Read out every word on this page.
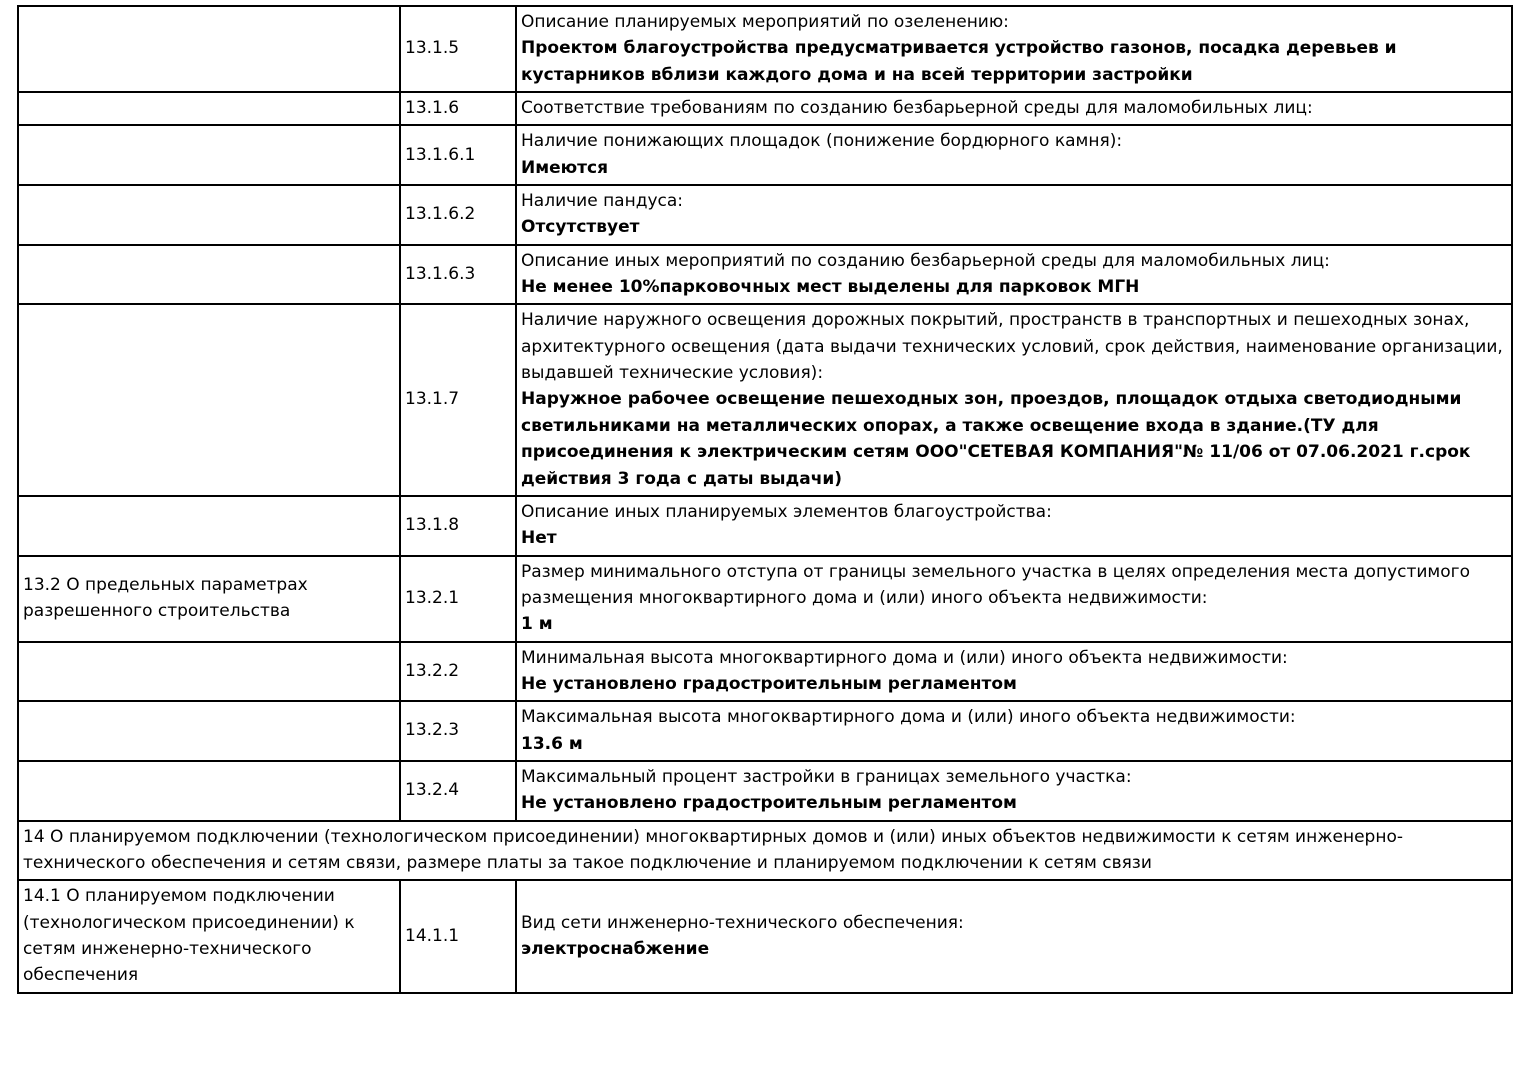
	13.1.5	Описание планируемых мероприятий по озеленению:
Проектом благоустройства предусматривается устройство газонов, посадка деревьев и кустарников вблизи каждого дома и на всей территории застройки

	13.1.6	Соответствие требованиям по созданию безбарьерной среды для маломобильных лиц:

	13.1.6.1	Наличие понижающих площадок (понижение бордюрного камня):
Имеются

	13.1.6.2	Наличие пандуса:
Отсутствует

	13.1.6.3	Описание иных мероприятий по созданию безбарьерной среды для маломобильных лиц:
Не менее 10%парковочных мест выделены для парковок МГН

	13.1.7	Наличие наружного освещения дорожных покрытий, пространств в транспортных и пешеходных зонах, архитектурного освещения (дата выдачи технических условий, срок действия, наименование организации, выдавшей технические условия):
Наружное рабочее освещение пешеходных зон, проездов, площадок отдыха светодиодными светильниками на металлических опорах, а также освещение входа в здание.(ТУ для присоединения к электрическим сетям ООО"СЕТЕВАЯ КОМПАНИЯ"№ 11/06 от 07.06.2021 г.срок действия 3 года с даты выдачи)

	13.1.8	Описание иных планируемых элементов благоустройства:
Нет

13.2 О предельных параметрах разрешенного строительства	13.2.1	Размер минимального отступа от границы земельного участка в целях определения места допустимого размещения многоквартирного дома и (или) иного объекта недвижимости:
1 м

	13.2.2	Минимальная высота многоквартирного дома и (или) иного объекта недвижимости:
Не установлено градостроительным регламентом

	13.2.3	Максимальная высота многоквартирного дома и (или) иного объекта недвижимости:
13.6 м

	13.2.4	Максимальный процент застройки в границах земельного участка:
Не установлено градостроительным регламентом

14 О планируемом подключении (технологическом присоединении) многоквартирных домов и (или) иных объектов недвижимости к сетям инженерно-технического обеспечения и сетям связи, размере платы за такое подключение и планируемом подключении к сетям связи		
14.1 О планируемом подключении (технологическом присоединении) к сетям инженерно-технического обеспечения	14.1.1	Вид сети инженерно-технического обеспечения:
электроснабжение
